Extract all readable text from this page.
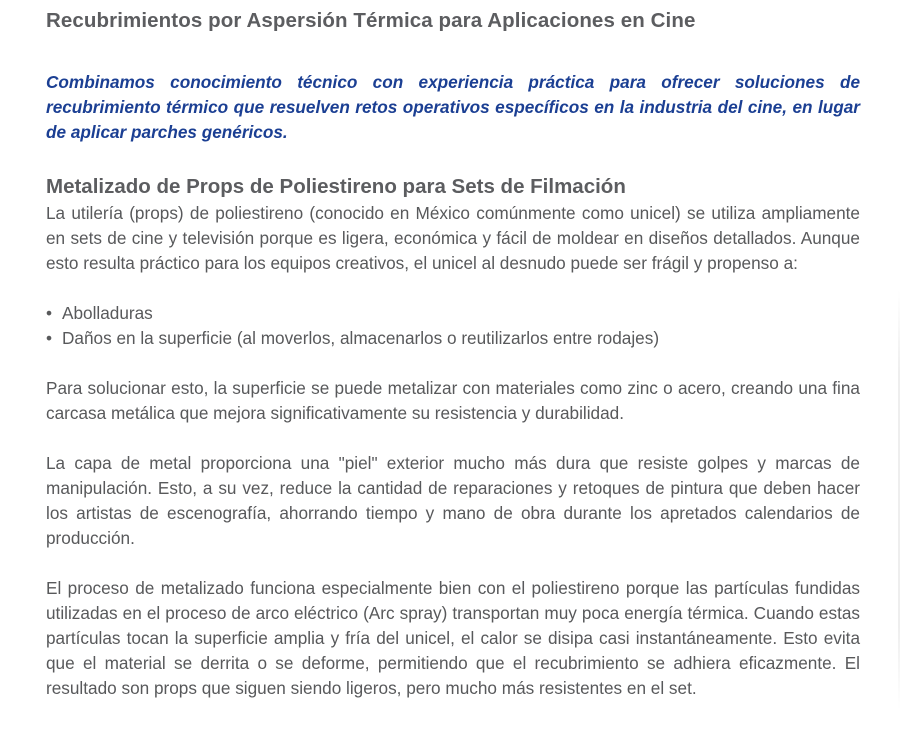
Recubrimientos por Aspersión Térmica para Aplicaciones en Cine

Combinamos conocimiento técnico con experiencia práctica para ofrecer soluciones de recubrimiento térmico que resuelven retos operativos específicos en la industria del cine, en lugar de aplicar parches genéricos.

Metalizado de Props de Poliestireno para Sets de Filmación

La utilería (props) de poliestireno (conocido en México comúnmente como unicel) se utiliza ampliamente en sets de cine y televisión porque es ligera, económica y fácil de moldear en diseños detallados. Aunque esto resulta práctico para los equipos creativos, el unicel al desnudo puede ser frágil y propenso a:

• Abolladuras
• Daños en la superficie (al moverlos, almacenarlos o reutilizarlos entre rodajes)

Para solucionar esto, la superficie se puede metalizar con materiales como zinc o acero, creando una fina carcasa metálica que mejora significativamente su resistencia y durabilidad.

La capa de metal proporciona una "piel" exterior mucho más dura que resiste golpes y marcas de manipulación. Esto, a su vez, reduce la cantidad de reparaciones y retoques de pintura que deben hacer los artistas de escenografía, ahorrando tiempo y mano de obra durante los apretados calendarios de producción.

El proceso de metalizado funciona especialmente bien con el poliestireno porque las partículas fundidas utilizadas en el proceso de arco eléctrico (Arc spray) transportan muy poca energía térmica. Cuando estas partículas tocan la superficie amplia y fría del unicel, el calor se disipa casi instantáneamente. Esto evita que el material se derrita o se deforme, permitiendo que el recubrimiento se adhiera eficazmente. El resultado son props que siguen siendo ligeros, pero mucho más resistentes en el set.
